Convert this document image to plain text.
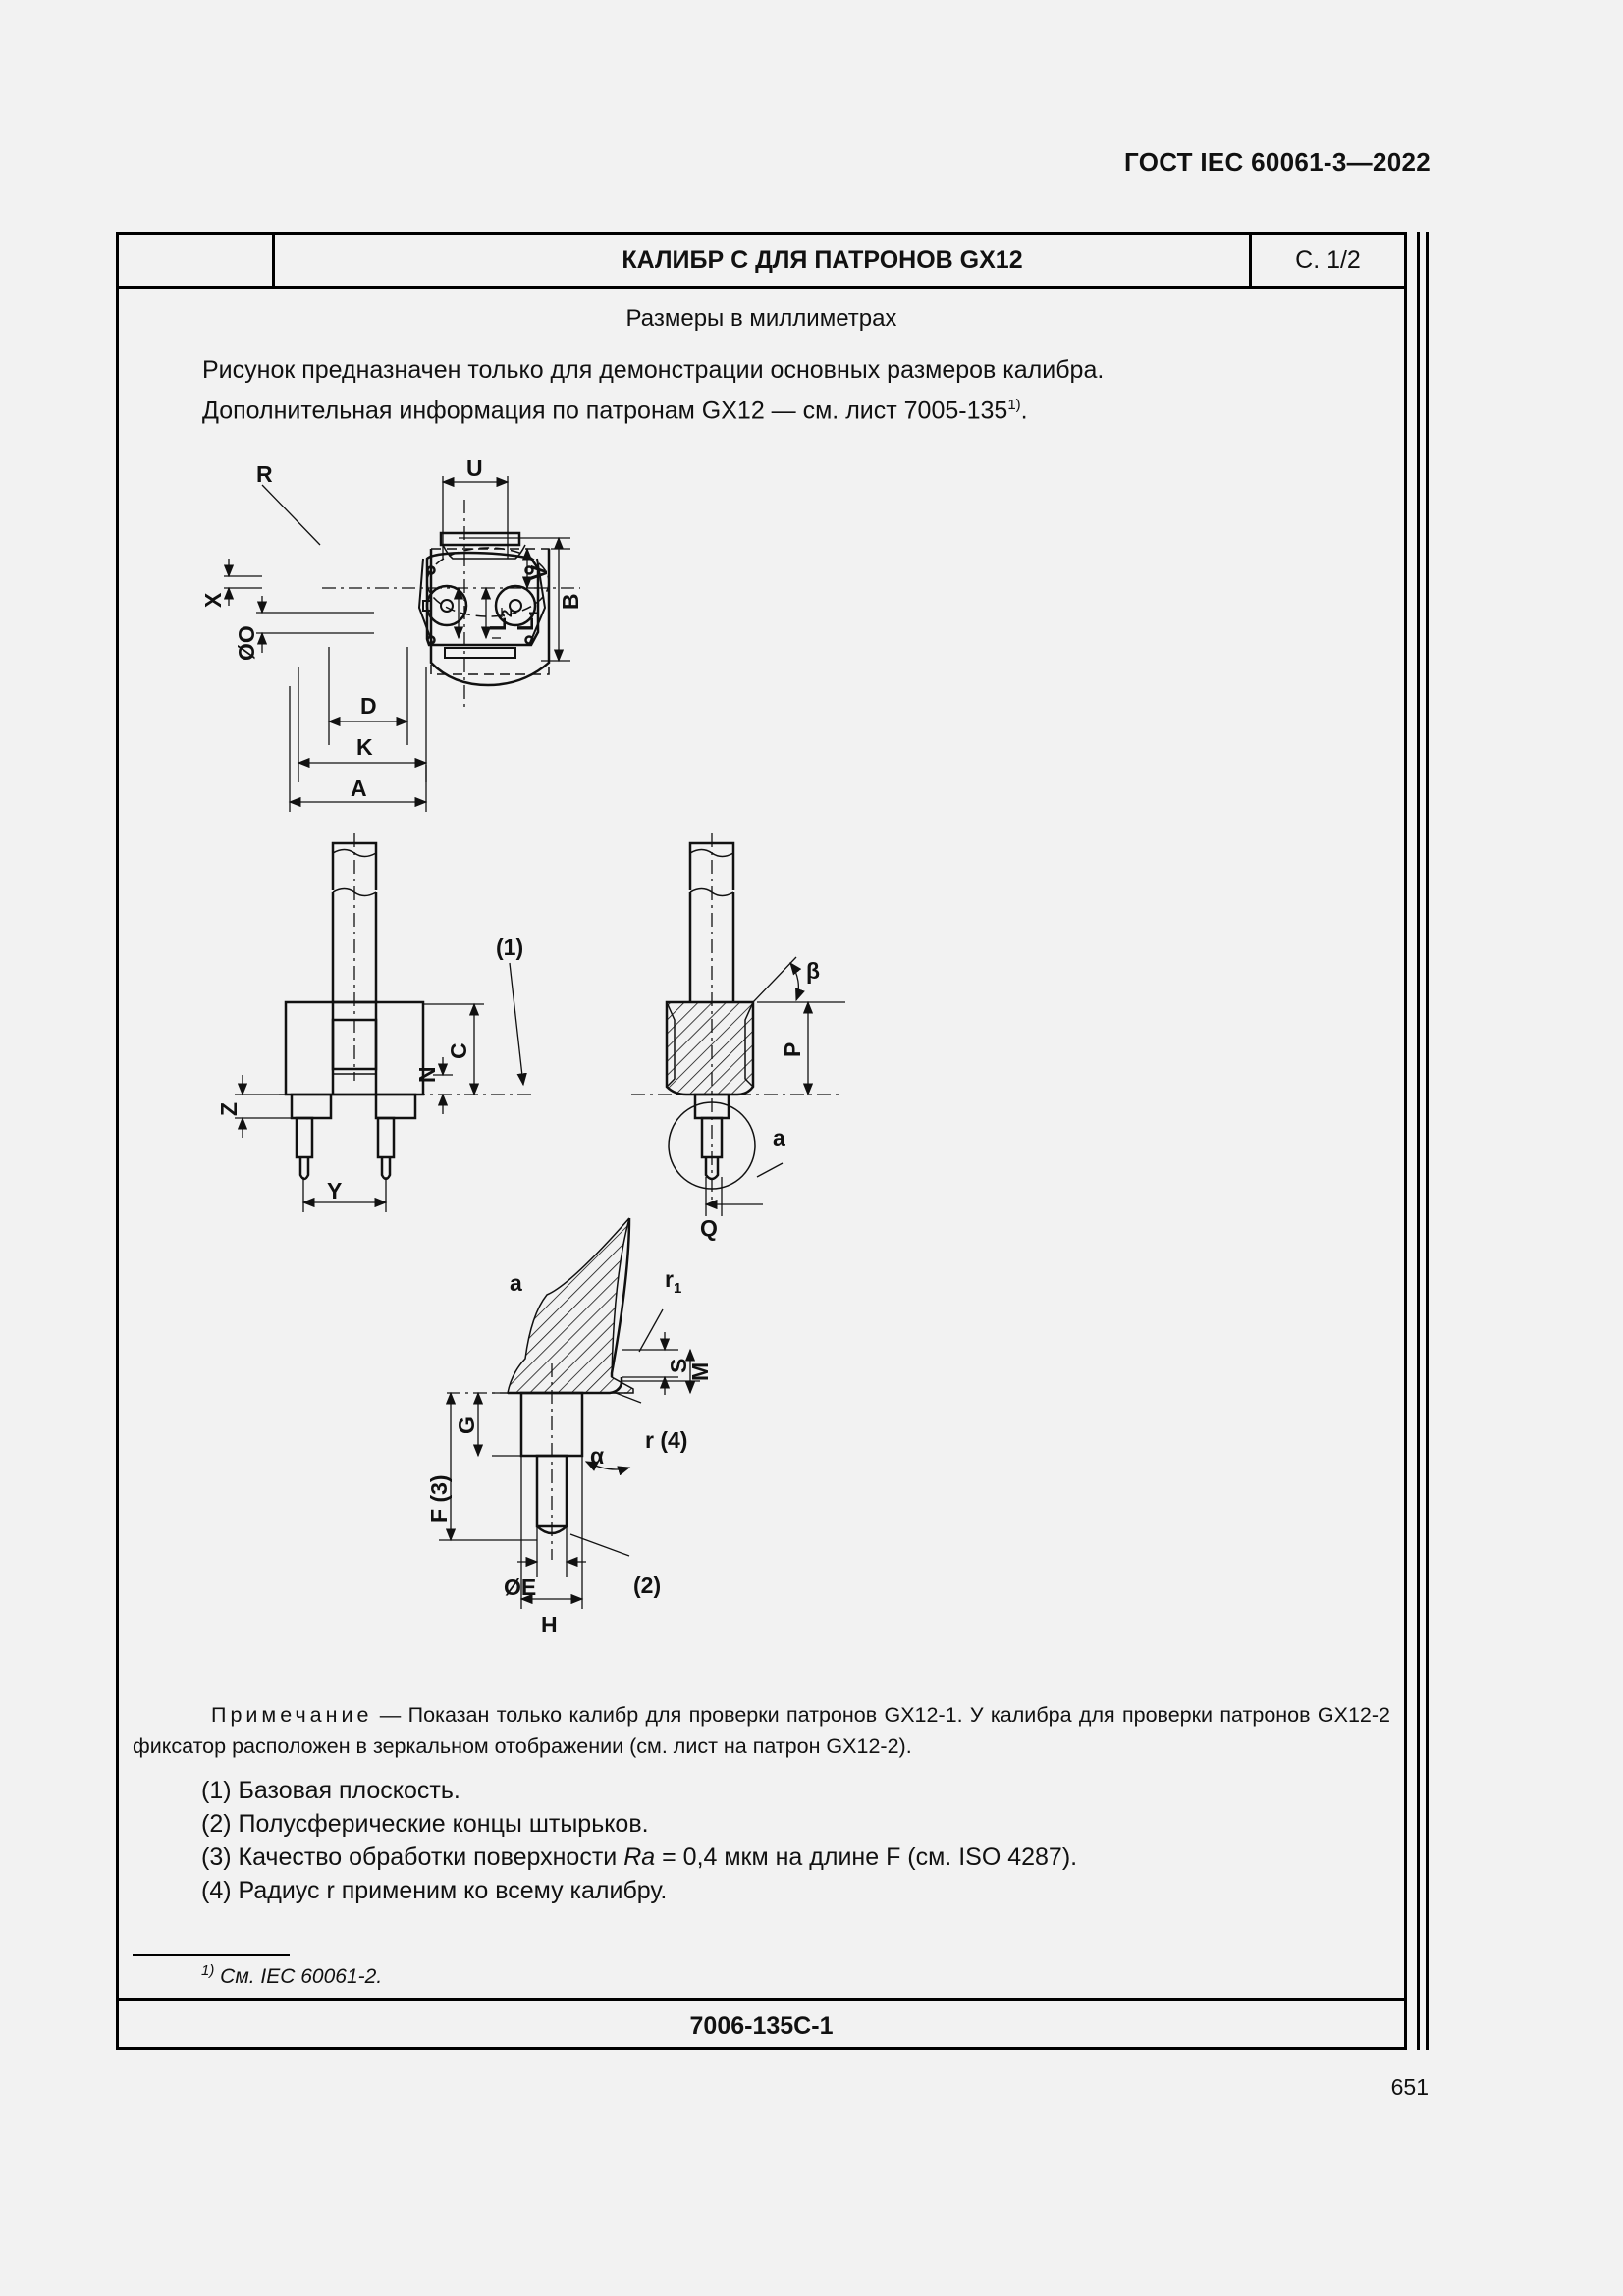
ГОСТ IEC 60061-3—2022
КАЛИБР С ДЛЯ ПАТРОНОВ GX12	С. 1/2
Размеры в миллиметрах
Рисунок предназначен только для демонстрации основных размеров калибра.
Дополнительная информация по патронам GX12 — см. лист 7005-135$^{1)}$.
R	U
V
B
$L_2$
$L_1$
X
ØO
D
K
A
(1)
C
N
Z
Y
β
P
a
Q
a	$r_1$
M
S
G
F (3)
α
r (4)
ØE	(2)
H
Примечание — Показан только калибр для проверки патронов GX12-1. У калибра для проверки патронов GX12-2 фиксатор расположен в зеркальном отображении (см. лист на патрон GX12-2).
(1) Базовая плоскость.
(2) Полусферические концы штырьков.
(3) Качество обработки поверхности Ra = 0,4 мкм на длине F (см. ISO 4287).
(4) Радиус r применим ко всему калибру.
$^{1)}$ См. IEC 60061-2.
7006-135C-1
651
